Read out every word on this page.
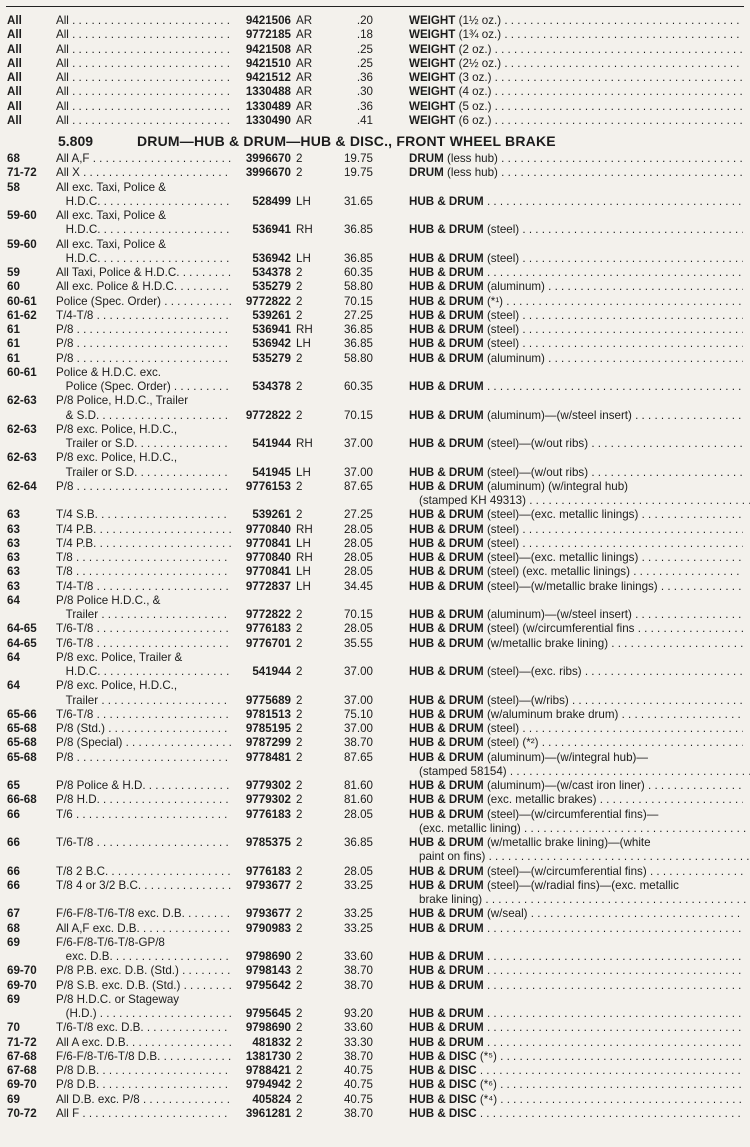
All	All . . .	9421506 AR	.20	WEIGHT (1½ oz.) . . .
All	All . . .	9772185 AR	.18	WEIGHT (1¾ oz.) . . .
All	All . . .	9421508 AR	.25	WEIGHT (2 oz.) . . .
All	All . . .	9421510 AR	.25	WEIGHT (2½ oz.) . . .
All	All . . .	9421512 AR	.36	WEIGHT (3 oz.) . . .
All	All . . .	1330488 AR	.30	WEIGHT (4 oz.) . . .
All	All . . .	1330489 AR	.36	WEIGHT (5 oz.) . . .
All	All . . .	1330490 AR	.41	WEIGHT (6 oz.) . . .
5.809	DRUM—HUB & DRUM—HUB & DISC., FRONT WHEEL BRAKE
68	All A,F . . .	3996670 2	19.75	DRUM (less hub) . . .
71-72	All X . . .	3996670 2	19.75	DRUM (less hub) . . .
58	All exc. Taxi, Police &
H.D.C. . . .	528499 LH	31.65	HUB & DRUM . . .
59-60	All exc. Taxi, Police &
H.D.C. . . .	536941 RH	36.85	HUB & DRUM (steel) . . .
59-60	All exc. Taxi, Police &
H.D.C. . . .	536942 LH	36.85	HUB & DRUM (steel) . . .
59	All Taxi, Police & H.D.C. . . .	534378 2	60.35	HUB & DRUM . . .
60	All exc. Police & H.D.C. . . .	535279 2	58.80	HUB & DRUM (aluminum) . . .
60-61	Police (Spec. Order) . . .	9772822 2	70.15	HUB & DRUM (*¹) . . .
61-62	T/4-T/8 . . .	539261 2	27.25	HUB & DRUM (steel) . . .
61	P/8 . . .	536941 RH	36.85	HUB & DRUM (steel) . . .
61	P/8 . . .	536942 LH	36.85	HUB & DRUM (steel) . . .
61	P/8 . . .	535279 2	58.80	HUB & DRUM (aluminum) . . .
60-61	Police & H.D.C. exc.
Police (Spec. Order) . . .	534378 2	60.35	HUB & DRUM . . .
62-63	P/8 Police, H.D.C., Trailer
& S.D. . . .	9772822 2	70.15	HUB & DRUM (aluminum)—(w/steel insert) . . .
62-63	P/8 exc. Police, H.D.C.,
Trailer or S.D. . . .	541944 RH	37.00	HUB & DRUM (steel)—(w/out ribs) . . .
62-63	P/8 exc. Police, H.D.C.,
Trailer or S.D. . . .	541945 LH	37.00	HUB & DRUM (steel)—(w/out ribs) . . .
62-64	P/8 . . .	9776153 2	87.65	HUB & DRUM (aluminum) (w/integral hub)
(stamped KH 49313) . . .
63	T/4 S.B. . . .	539261 2	27.25	HUB & DRUM (steel)—(exc. metallic linings) . . .
63	T/4 P.B. . . .	9770840 RH	28.05	HUB & DRUM (steel) . . .
63	T/4 P.B. . . .	9770841 LH	28.05	HUB & DRUM (steel) . . .
63	T/8 . . .	9770840 RH	28.05	HUB & DRUM (steel)—(exc. metallic linings) . . .
63	T/8 . . .	9770841 LH	28.05	HUB & DRUM (steel) (exc. metallic linings) . . .
63	T/4-T/8 . . .	9772837 LH	34.45	HUB & DRUM (steel)—(w/metallic brake linings) . . .
64	P/8 Police H.D.C., &
Trailer . . .	9772822 2	70.15	HUB & DRUM (aluminum)—(w/steel insert) . . .
64-65	T/6-T/8 . . .	9776183 2	28.05	HUB & DRUM (steel) (w/circumferential fins . . .
64-65	T/6-T/8 . . .	9776701 2	35.55	HUB & DRUM (w/metallic brake lining) . . .
64	P/8 exc. Police, Trailer &
H.D.C. . . .	541944 2	37.00	HUB & DRUM (steel)—(exc. ribs) . . .
64	P/8 exc. Police, H.D.C.,
Trailer . . .	9775689 2	37.00	HUB & DRUM (steel)—(w/ribs) . . .
65-66	T/6-T/8 . . .	9781513 2	75.10	HUB & DRUM (w/aluminum brake drum) . . .
65-68	P/8 (Std.) . . .	9785195 2	37.00	HUB & DRUM (steel) . . .
65-68	P/8 (Special) . . .	9787299 2	38.70	HUB & DRUM (steel) (*²) . . .
65-68	P/8 . . .	9778481 2	87.65	HUB & DRUM (aluminum)—(w/integral hub)—
(stamped 58154) . . .
65	P/8 Police & H.D. . . .	9779302 2	81.60	HUB & DRUM (aluminum)—(w/cast iron liner) . . .
66-68	P/8 H.D. . . .	9779302 2	81.60	HUB & DRUM (exc. metallic brakes) . . .
66	T/6 . . .	9776183 2	28.05	HUB & DRUM (steel)—(w/circumferential fins)—
(exc. metallic lining) . . .
66	T/6-T/8 . . .	9785375 2	36.85	HUB & DRUM (w/metallic brake lining)—(white
paint on fins) . . .
66	T/8 2 B.C. . . .	9776183 2	28.05	HUB & DRUM (steel)—(w/circumferential fins) . . .
66	T/8 4 or 3/2 B.C. . . .	9793677 2	33.25	HUB & DRUM (steel)—(w/radial fins)—(exc. metallic
brake lining) . . .
67	F/6-F/8-T/6-T/8 exc. D.B. . . .	9793677 2	33.25	HUB & DRUM (w/seal) . . .
68	All A,F exc. D.B. . . .	9790983 2	33.25	HUB & DRUM . . .
69	F/6-F/8-T/6-T/8-GP/8
exc. D.B. . . .	9798690 2	33.60	HUB & DRUM . . .
69-70	P/8 P.B. exc. D.B. (Std.) . . .	9798143 2	38.70	HUB & DRUM . . .
69-70	P/8 S.B. exc. D.B. (Std.) . . .	9795642 2	38.70	HUB & DRUM . . .
69	P/8 H.D.C. or Stageway
(H.D.) . . .	9795645 2	93.20	HUB & DRUM . . .
70	T/6-T/8 exc. D.B. . . .	9798690 2	33.60	HUB & DRUM . . .
71-72	All A exc. D.B. . . .	481832 2	33.30	HUB & DRUM . . .
67-68	F/6-F/8-T/6-T/8 D.B. . . .	1381730 2	38.70	HUB & DISC (*⁵) . . .
67-68	P/8 D.B. . . .	9788421 2	40.75	HUB & DISC . . .
69-70	P/8 D.B. . . .	9794942 2	40.75	HUB & DISC (*⁶) . . .
69	All D.B. exc. P/8 . . .	405824 2	40.75	HUB & DISC (*⁴) . . .
70-72	All F . . .	3961281 2	38.70	HUB & DISC . . .
